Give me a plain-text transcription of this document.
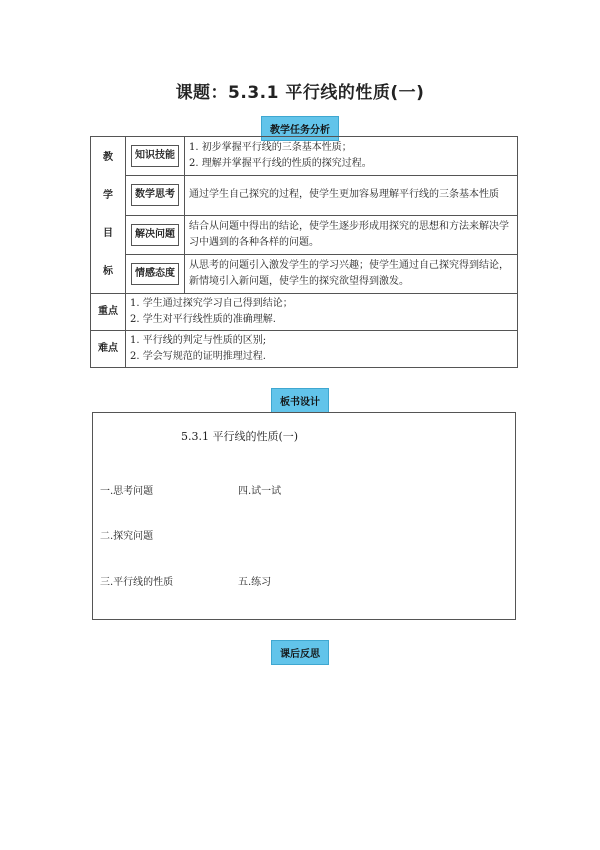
课题：5.3.1 平行线的性质(一)
教学任务分析
教
学
目
标	知识技能	1. 初步掌握平行线的三条基本性质；
2. 理解并掌握平行线的性质的探究过程。

	数学思考	通过学生自己探究的过程，使学生更加容易理解平行线的三条基本性质

	解决问题	结合从问题中得出的结论，使学生逐步形成用探究的思想和方法来解决学习中遇到的各种各样的问题。

	情感态度	从思考的问题引入激发学生的学习兴趣；使学生通过自己探究得到结论，新情境引入新问题，使学生的探究欲望得到激发。

重点	1. 学生通过探究学习自己得到结论；
2. 学生对平行线性质的准确理解.	

难点	1. 平行线的判定与性质的区别;
2. 学会写规范的证明推理过程.	
板书设计
5.3.1 平行线的性质(一)
一.思考问题	四.试一试
二.探究问题
三.平行线的性质	五.练习
课后反思
